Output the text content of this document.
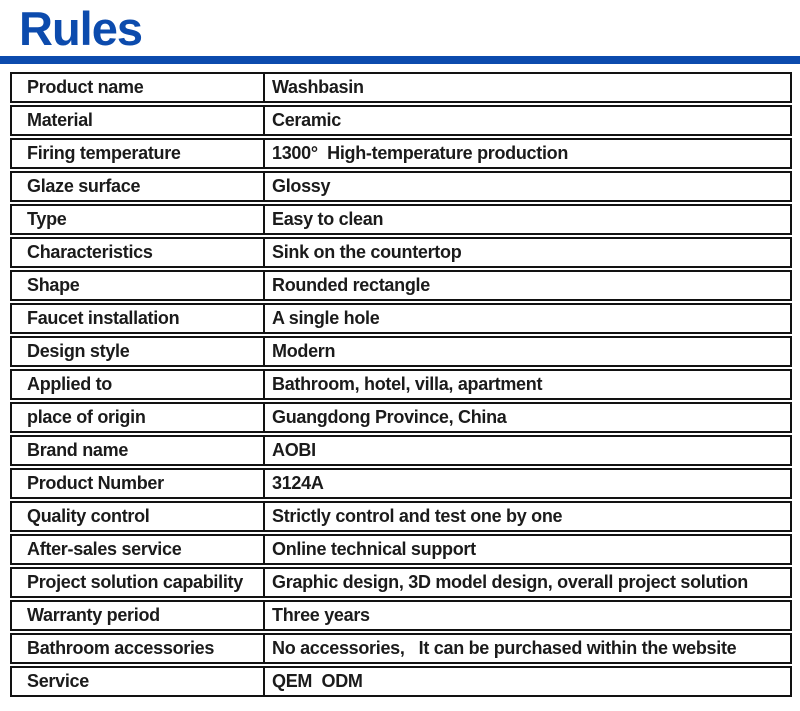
Rules
Product name	Washbasin
Material	Ceramic
Firing temperature	1300°  High-temperature production
Glaze surface	Glossy
Type	Easy to clean
Characteristics	Sink on the countertop
Shape	Rounded rectangle
Faucet installation	A single hole
Design style	Modern
Applied to	Bathroom, hotel, villa, apartment
place of origin	Guangdong Province, China
Brand name	AOBI
Product Number	3124A
Quality control	Strictly control and test one by one
After-sales service	Online technical support
Project solution capability	Graphic design, 3D model design, overall project solution
Warranty period	Three years
Bathroom accessories	No accessories,   It can be purchased within the website
Service	QEM  ODM
